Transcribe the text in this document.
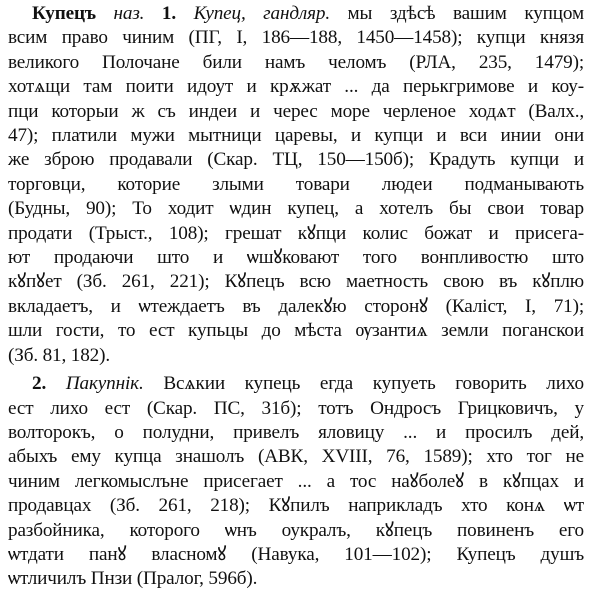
Купецъ наз. 1. Купец, гандляр. мы здѣсѣ вашим купцом
всим право чиним (ПГ, I, 186—188, 1450—1458); купци князя
великого Полочане били намъ челомъ (РЛА, 235, 1479);
хотѧщи там поити идоут и крѫжат ... да перькгримове и коу-
пци которыи ж съ индеи и черес море черленое ходѧт (Валх.,
47); платили мужи мытници царевы, и купци и вси инии они
же зброю продавали (Скар. ТЦ, 150—150б); Крадуть купци и
торговци, которие злыми товари людеи подманывають
(Будны, 90); То ходит ѡдин купец, а хотелъ бы свои товар
продати (Трыст., 108); грешат кꙋпци колис божат и присега-
ют продаючи што и ѡшꙋковают того вонпливостю што
кꙋпꙋет (Зб. 261, 221); Кꙋпецъ всю маетность свою въ кꙋплю
вкладаетъ, и ѡтеждаетъ въ далекꙋю сторонꙋ (Каліст, I, 71);
шли гости, то ест купьцы до мѣста ѹзантиѧ земли поганскои
(Зб. 81, 182).
2. Пакупнік. Всѧкии купець егда купуеть говорить лихо
ест лихо ест (Скар. ПС, 31б); тотъ Ондросъ Грицковичъ, у
волторокъ, о полудни, привелъ яловицу ... и просилъ дей,
абыхъ ему купца знашолъ (АВК, XVIII, 76, 1589); хто тог не
чиним легкомыслъне присегает ... а тос наꙋболеꙋ в кꙋпцах и
продавцах (Зб. 261, 218); Кꙋпилъ наприкладъ хто конѧ ѡт
разбойника, которого ѡнъ оукралъ, кꙋпецъ повиненъ его
ѡтдати панꙋ власномꙋ (Навука, 101—102); Купецъ душъ
ѡтличилъ Пнзи (Пралог, 596б).
